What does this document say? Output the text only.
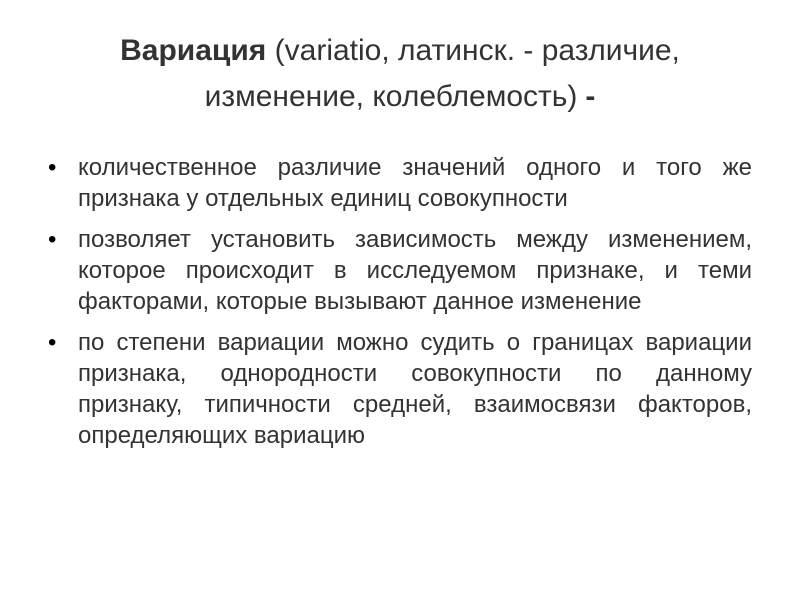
Вариация (variatio, латинск. - различие, изменение, колеблемость) -
• количественное различие значений одного и того же признака у отдельных единиц совокупности
• позволяет установить зависимость между изменением, которое происходит в исследуемом признаке, и теми факторами, которые вызывают данное изменение
• по степени вариации можно судить о границах вариации признака, однородности совокупности по данному признаку, типичности средней, взаимосвязи факторов, определяющих вариацию
